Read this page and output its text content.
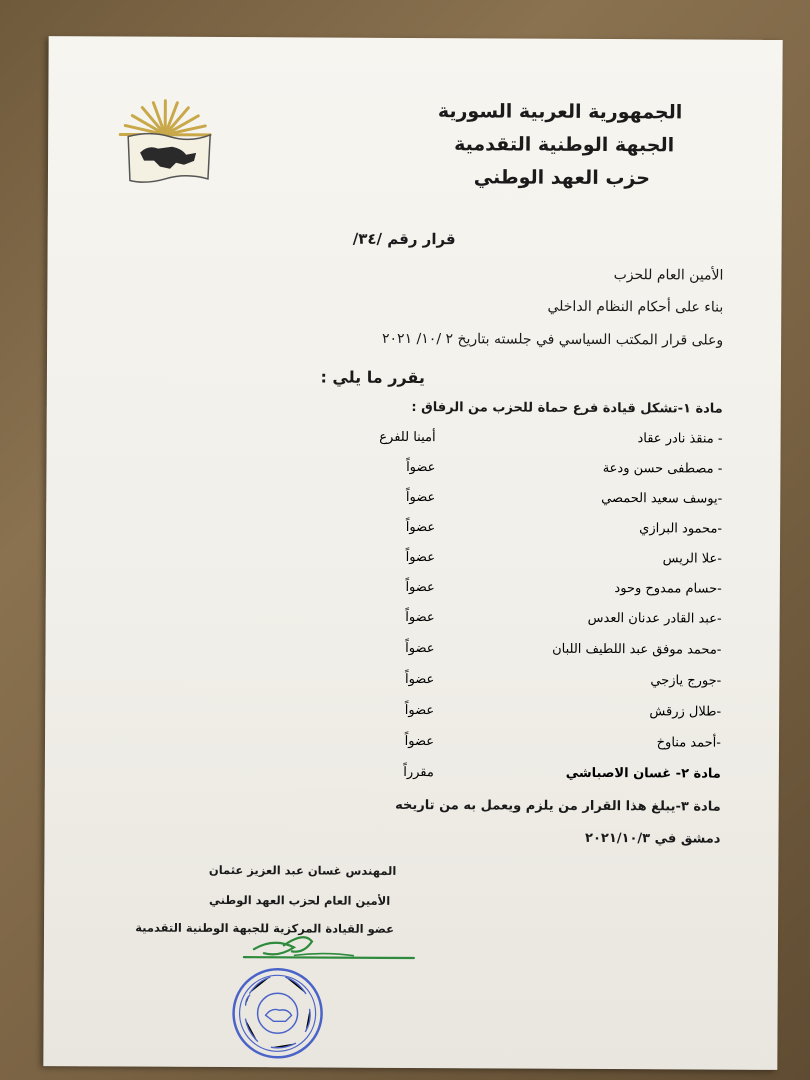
الجمهورية العربية السورية
الجبهة الوطنية التقدمية
حزب العهد الوطني
قرار رقم /٣٤/
الأمين العام للحزب
بناء على أحكام النظام الداخلي
وعلى قرار المكتب السياسي في جلسته بتاريخ ٢ /١٠/ ٢٠٢١
يقرر ما يلي :
مادة ١-تشكل قيادة فرع حماة للحزب من الرفاق :
- منقذ نادر عقاد
أمينا للفرع
- مصطفى حسن ودعة
عضواً
-يوسف سعيد الحمصي
عضواً
-محمود البرازي
عضواً
-علا الريس
عضواً
-حسام ممدوح وحود
عضواً
-عبد القادر عدنان العدس
عضواً
-محمد موفق عبد اللطيف اللبان
عضواً
-جورج يازجي
عضواً
-طلال زرقش
عضواً
-أحمد مناوخ
عضواً
مادة ٢- غسان الاصباشي
مقرراً
مادة ٣-يبلغ هذا القرار من يلزم ويعمل به من تاريخه
دمشق في ٢٠٢١/١٠/٣
المهندس غسان عبد العزيز عثمان
الأمين العام لحزب العهد الوطني
عضو القيادة المركزية للجبهة الوطنية التقدمية
